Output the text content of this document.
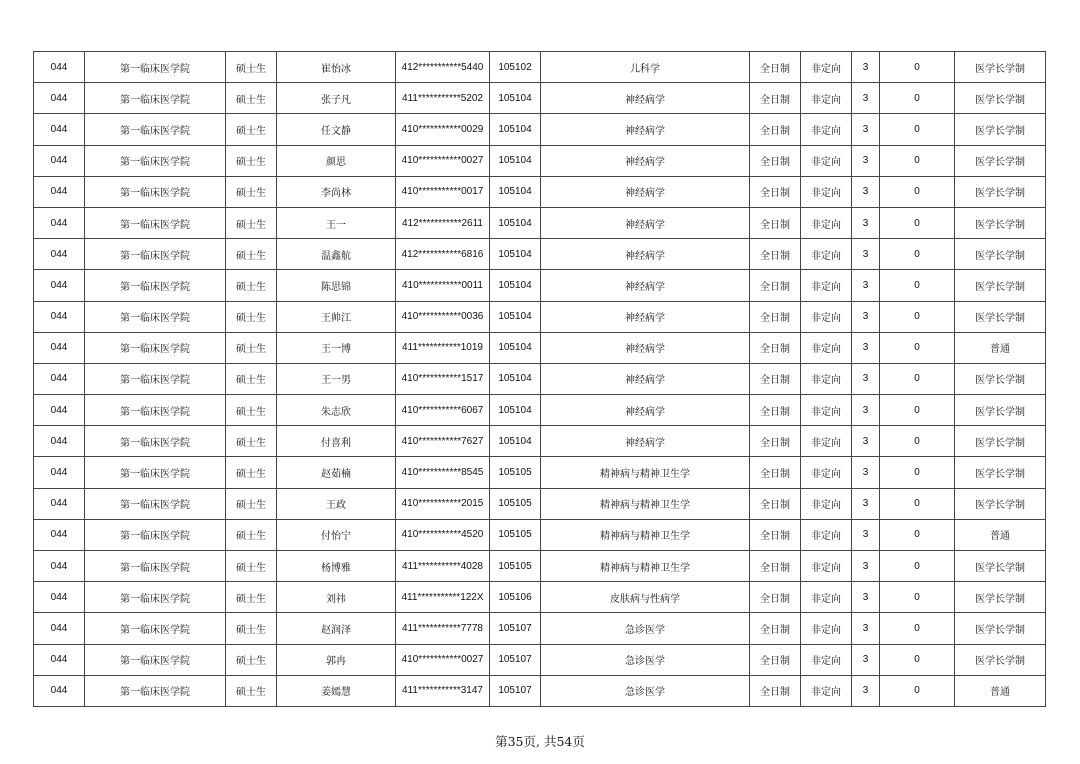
044	第一临床医学院	硕士生	崔怡冰	412***********5440	105102	儿科学	全日制	非定向	3	0	医学长学制
044	第一临床医学院	硕士生	张子凡	411***********5202	105104	神经病学	全日制	非定向	3	0	医学长学制
044	第一临床医学院	硕士生	任文静	410***********0029	105104	神经病学	全日制	非定向	3	0	医学长学制
044	第一临床医学院	硕士生	颜思	410***********0027	105104	神经病学	全日制	非定向	3	0	医学长学制
044	第一临床医学院	硕士生	李尚林	410***********0017	105104	神经病学	全日制	非定向	3	0	医学长学制
044	第一临床医学院	硕士生	王一	412***********2611	105104	神经病学	全日制	非定向	3	0	医学长学制
044	第一临床医学院	硕士生	温鑫航	412***********6816	105104	神经病学	全日制	非定向	3	0	医学长学制
044	第一临床医学院	硕士生	陈思锦	410***********0011	105104	神经病学	全日制	非定向	3	0	医学长学制
044	第一临床医学院	硕士生	王帅江	410***********0036	105104	神经病学	全日制	非定向	3	0	医学长学制
044	第一临床医学院	硕士生	王一博	411***********1019	105104	神经病学	全日制	非定向	3	0	普通
044	第一临床医学院	硕士生	王一男	410***********1517	105104	神经病学	全日制	非定向	3	0	医学长学制
044	第一临床医学院	硕士生	朱志欣	410***********6067	105104	神经病学	全日制	非定向	3	0	医学长学制
044	第一临床医学院	硕士生	付喜利	410***********7627	105104	神经病学	全日制	非定向	3	0	医学长学制
044	第一临床医学院	硕士生	赵茹楠	410***********8545	105105	精神病与精神卫生学	全日制	非定向	3	0	医学长学制
044	第一临床医学院	硕士生	王政	410***********2015	105105	精神病与精神卫生学	全日制	非定向	3	0	医学长学制
044	第一临床医学院	硕士生	付怡宁	410***********4520	105105	精神病与精神卫生学	全日制	非定向	3	0	普通
044	第一临床医学院	硕士生	杨博雅	411***********4028	105105	精神病与精神卫生学	全日制	非定向	3	0	医学长学制
044	第一临床医学院	硕士生	刘祎	411***********122X	105106	皮肤病与性病学	全日制	非定向	3	0	医学长学制
044	第一临床医学院	硕士生	赵润泽	411***********7778	105107	急诊医学	全日制	非定向	3	0	医学长学制
044	第一临床医学院	硕士生	郭冉	410***********0027	105107	急诊医学	全日制	非定向	3	0	医学长学制
044	第一临床医学院	硕士生	姜嫣慧	411***********3147	105107	急诊医学	全日制	非定向	3	0	普通
第35页, 共54页
